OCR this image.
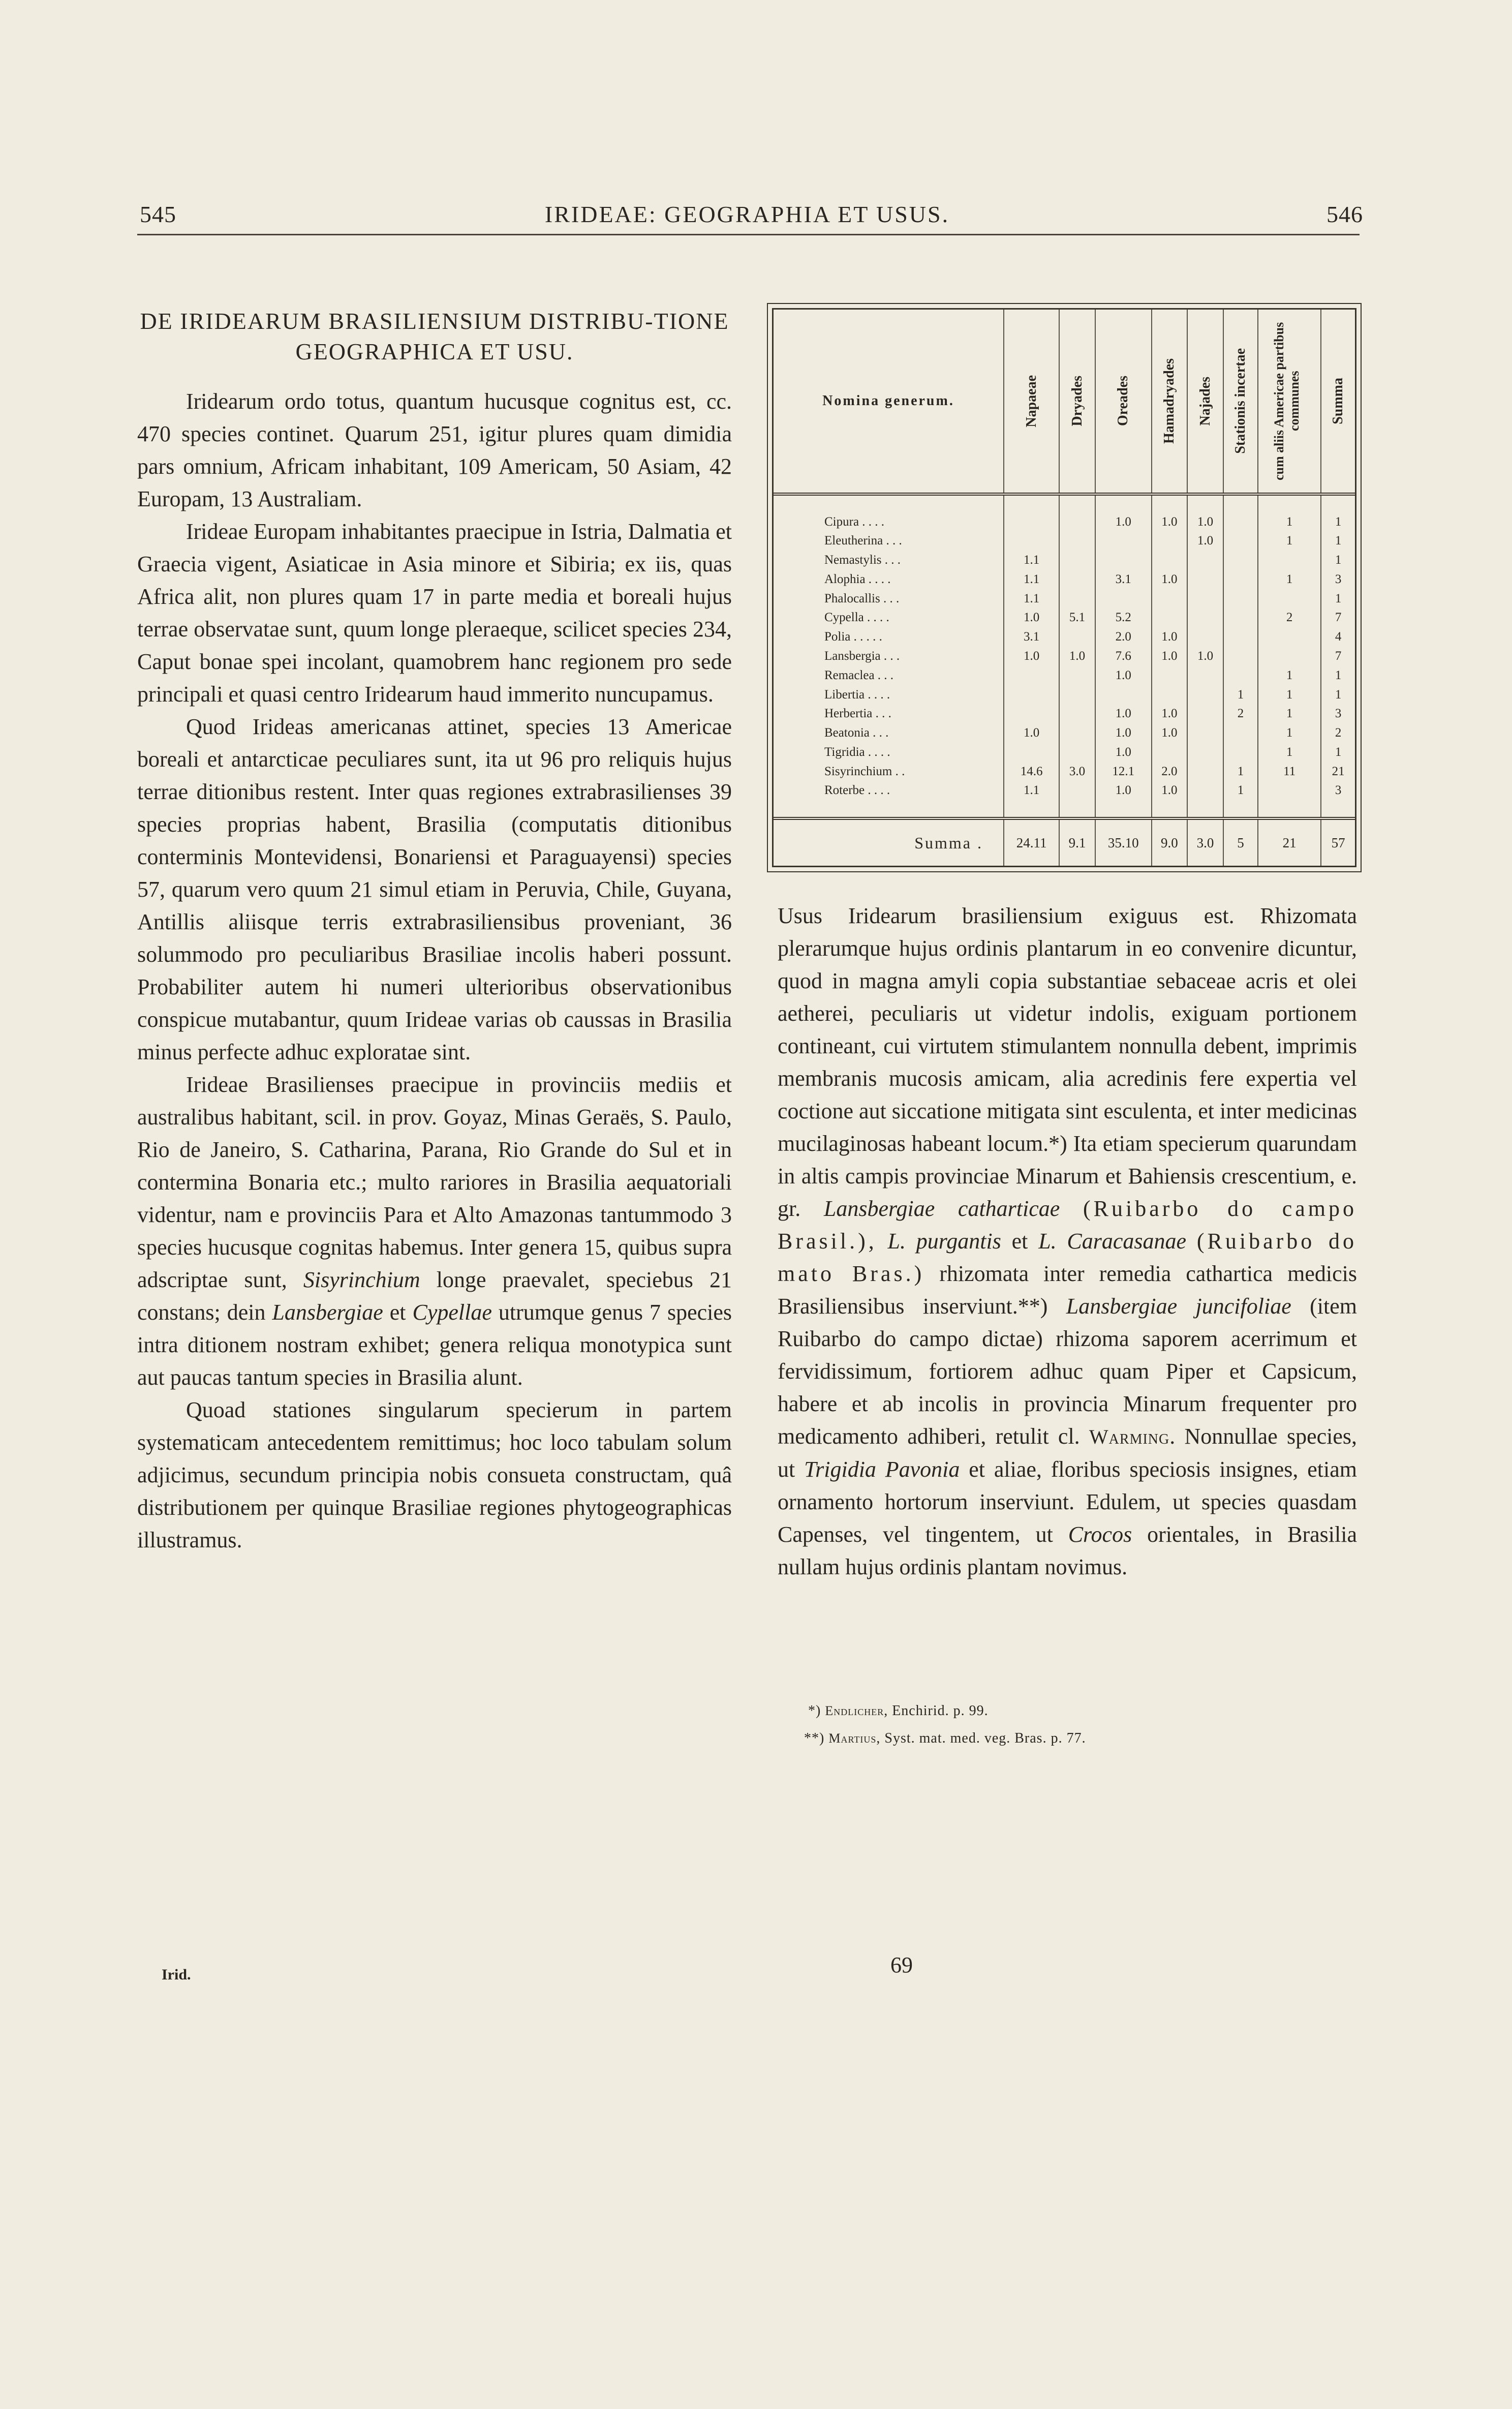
545	IRIDEAE: GEOGRAPHIA ET USUS.	546
DE IRIDEARUM BRASILIENSIUM DISTRIBU-TIONE GEOGRAPHICA ET USU.

Iridearum ordo totus, quantum hucusque cognitus est, cc. 470 species continet. Quarum 251, igitur plures quam dimidia pars omnium, Africam inhabitant, 109 Americam, 50 Asiam, 42 Europam, 13 Australiam.

Irideae Europam inhabitantes praecipue in Istria, Dalmatia et Graecia vigent, Asiaticae in Asia minore et Sibiria; ex iis, quas Africa alit, non plures quam 17 in parte media et boreali hujus terrae observatae sunt, quum longe pleraeque, scilicet species 234, Caput bonae spei incolant, quamobrem hanc regionem pro sede principali et quasi centro Iridearum haud immerito nuncupamus.

Quod Irideas americanas attinet, species 13 Americae boreali et antarcticae peculiares sunt, ita ut 96 pro reliquis hujus terrae ditionibus restent. Inter quas regiones extrabrasilienses 39 species proprias habent, Brasilia (computatis ditionibus conterminis Montevidensi, Bonariensi et Paraguayensi) species 57, quarum vero quum 21 simul etiam in Peruvia, Chile, Guyana, Antillis aliisque terris extrabrasiliensibus proveniant, 36 solummodo pro peculiaribus Brasiliae incolis haberi possunt. Probabiliter autem hi numeri ulterioribus observationibus conspicue mutabantur, quum Irideae varias ob caussas in Brasilia minus perfecte adhuc exploratae sint.

Irideae Brasilienses praecipue in provinciis mediis et australibus habitant, scil. in prov. Goyaz, Minas Geraës, S. Paulo, Rio de Janeiro, S. Catharina, Parana, Rio Grande do Sul et in contermina Bonaria etc.; multo rariores in Brasilia aequatoriali videntur, nam e provinciis Para et Alto Amazonas tantummodo 3 species hucusque cognitas habemus. Inter genera 15, quibus supra adscriptae sunt, Sisyrinchium longe praevalet, speciebus 21 constans; dein Lansbergiae et Cypellae utrumque genus 7 species intra ditionem nostram exhibet; genera reliqua monotypica sunt aut paucas tantum species in Brasilia alunt.

Quoad stationes singularum specierum in partem systematicam antecedentem remittimus; hoc loco tabulam solum adjicimus, secundum principia nobis consueta constructam, quâ distributionem per quinque Brasiliae regiones phytogeographicas illustramus.

Nomina generum.	Napaeae	Dryades	Oreades	Hamadryades	Najades	Stationis incertae	cum aliis Americae partibus communes	Summa

Cipura . . . .			1.0	1.0	1.0		1	1
Eleutherina . . .					1.0		1	1
Nemastylis . . .	1.1							1
Alophia . . . .	1.1		3.1	1.0			1	3
Phalocallis . . .	1.1							1
Cypella . . . .	1.0	5.1	5.2				2	7
Polia . . . . .	3.1		2.0	1.0				4
Lansbergia . . .	1.0	1.0	7.6	1.0	1.0			7
Remaclea . . .			1.0				1	1
Libertia . . . .						1	1	1
Herbertia . . .			1.0	1.0		2	1	3
Beatonia . . .	1.0		1.0	1.0			1	2
Tigridia . . . .			1.0				1	1
Sisyrinchium . .	14.6	3.0	12.1	2.0		1	11	21
Roterbe . . . .	1.1		1.0	1.0		1		3

Summa .	24.11	9.1	35.10	9.0	3.0	5	21	57

Usus Iridearum brasiliensium exiguus est. Rhizomata plerarumque hujus ordinis plantarum in eo convenire dicuntur, quod in magna amyli copia substantiae sebaceae acris et olei aetherei, peculiaris ut videtur indolis, exiguam portionem contineant, cui virtutem stimulantem nonnulla debent, imprimis membranis mucosis amicam, alia acredinis fere expertia vel coctione aut siccatione mitigata sint esculenta, et inter medicinas mucilaginosas habeant locum.*) Ita etiam specierum quarundam in altis campis provinciae Minarum et Bahiensis crescentium, e. gr. Lansbergiae catharticae (Ruibarbo do campo Brasil.), L. purgantis et L. Caracasanae (Ruibarbo do mato Bras.) rhizomata inter remedia cathartica medicis Brasiliensibus inserviunt.**) Lansbergiae juncifoliae (item Ruibarbo do campo dictae) rhizoma saporem acerrimum et fervidissimum, fortiorem adhuc quam Piper et Capsicum, habere et ab incolis in provincia Minarum frequenter pro medicamento adhiberi, retulit cl. Warming. Nonnullae species, ut Trigidia Pavonia et aliae, floribus speciosis insignes, etiam ornamento hortorum inserviunt. Edulem, ut species quasdam Capenses, vel tingentem, ut Crocos orientales, in Brasilia nullam hujus ordinis plantam novimus.

*) Endlicher, Enchirid. p. 99.
**) Martius, Syst. mat. med. veg. Bras. p. 77.
Irid.	69
